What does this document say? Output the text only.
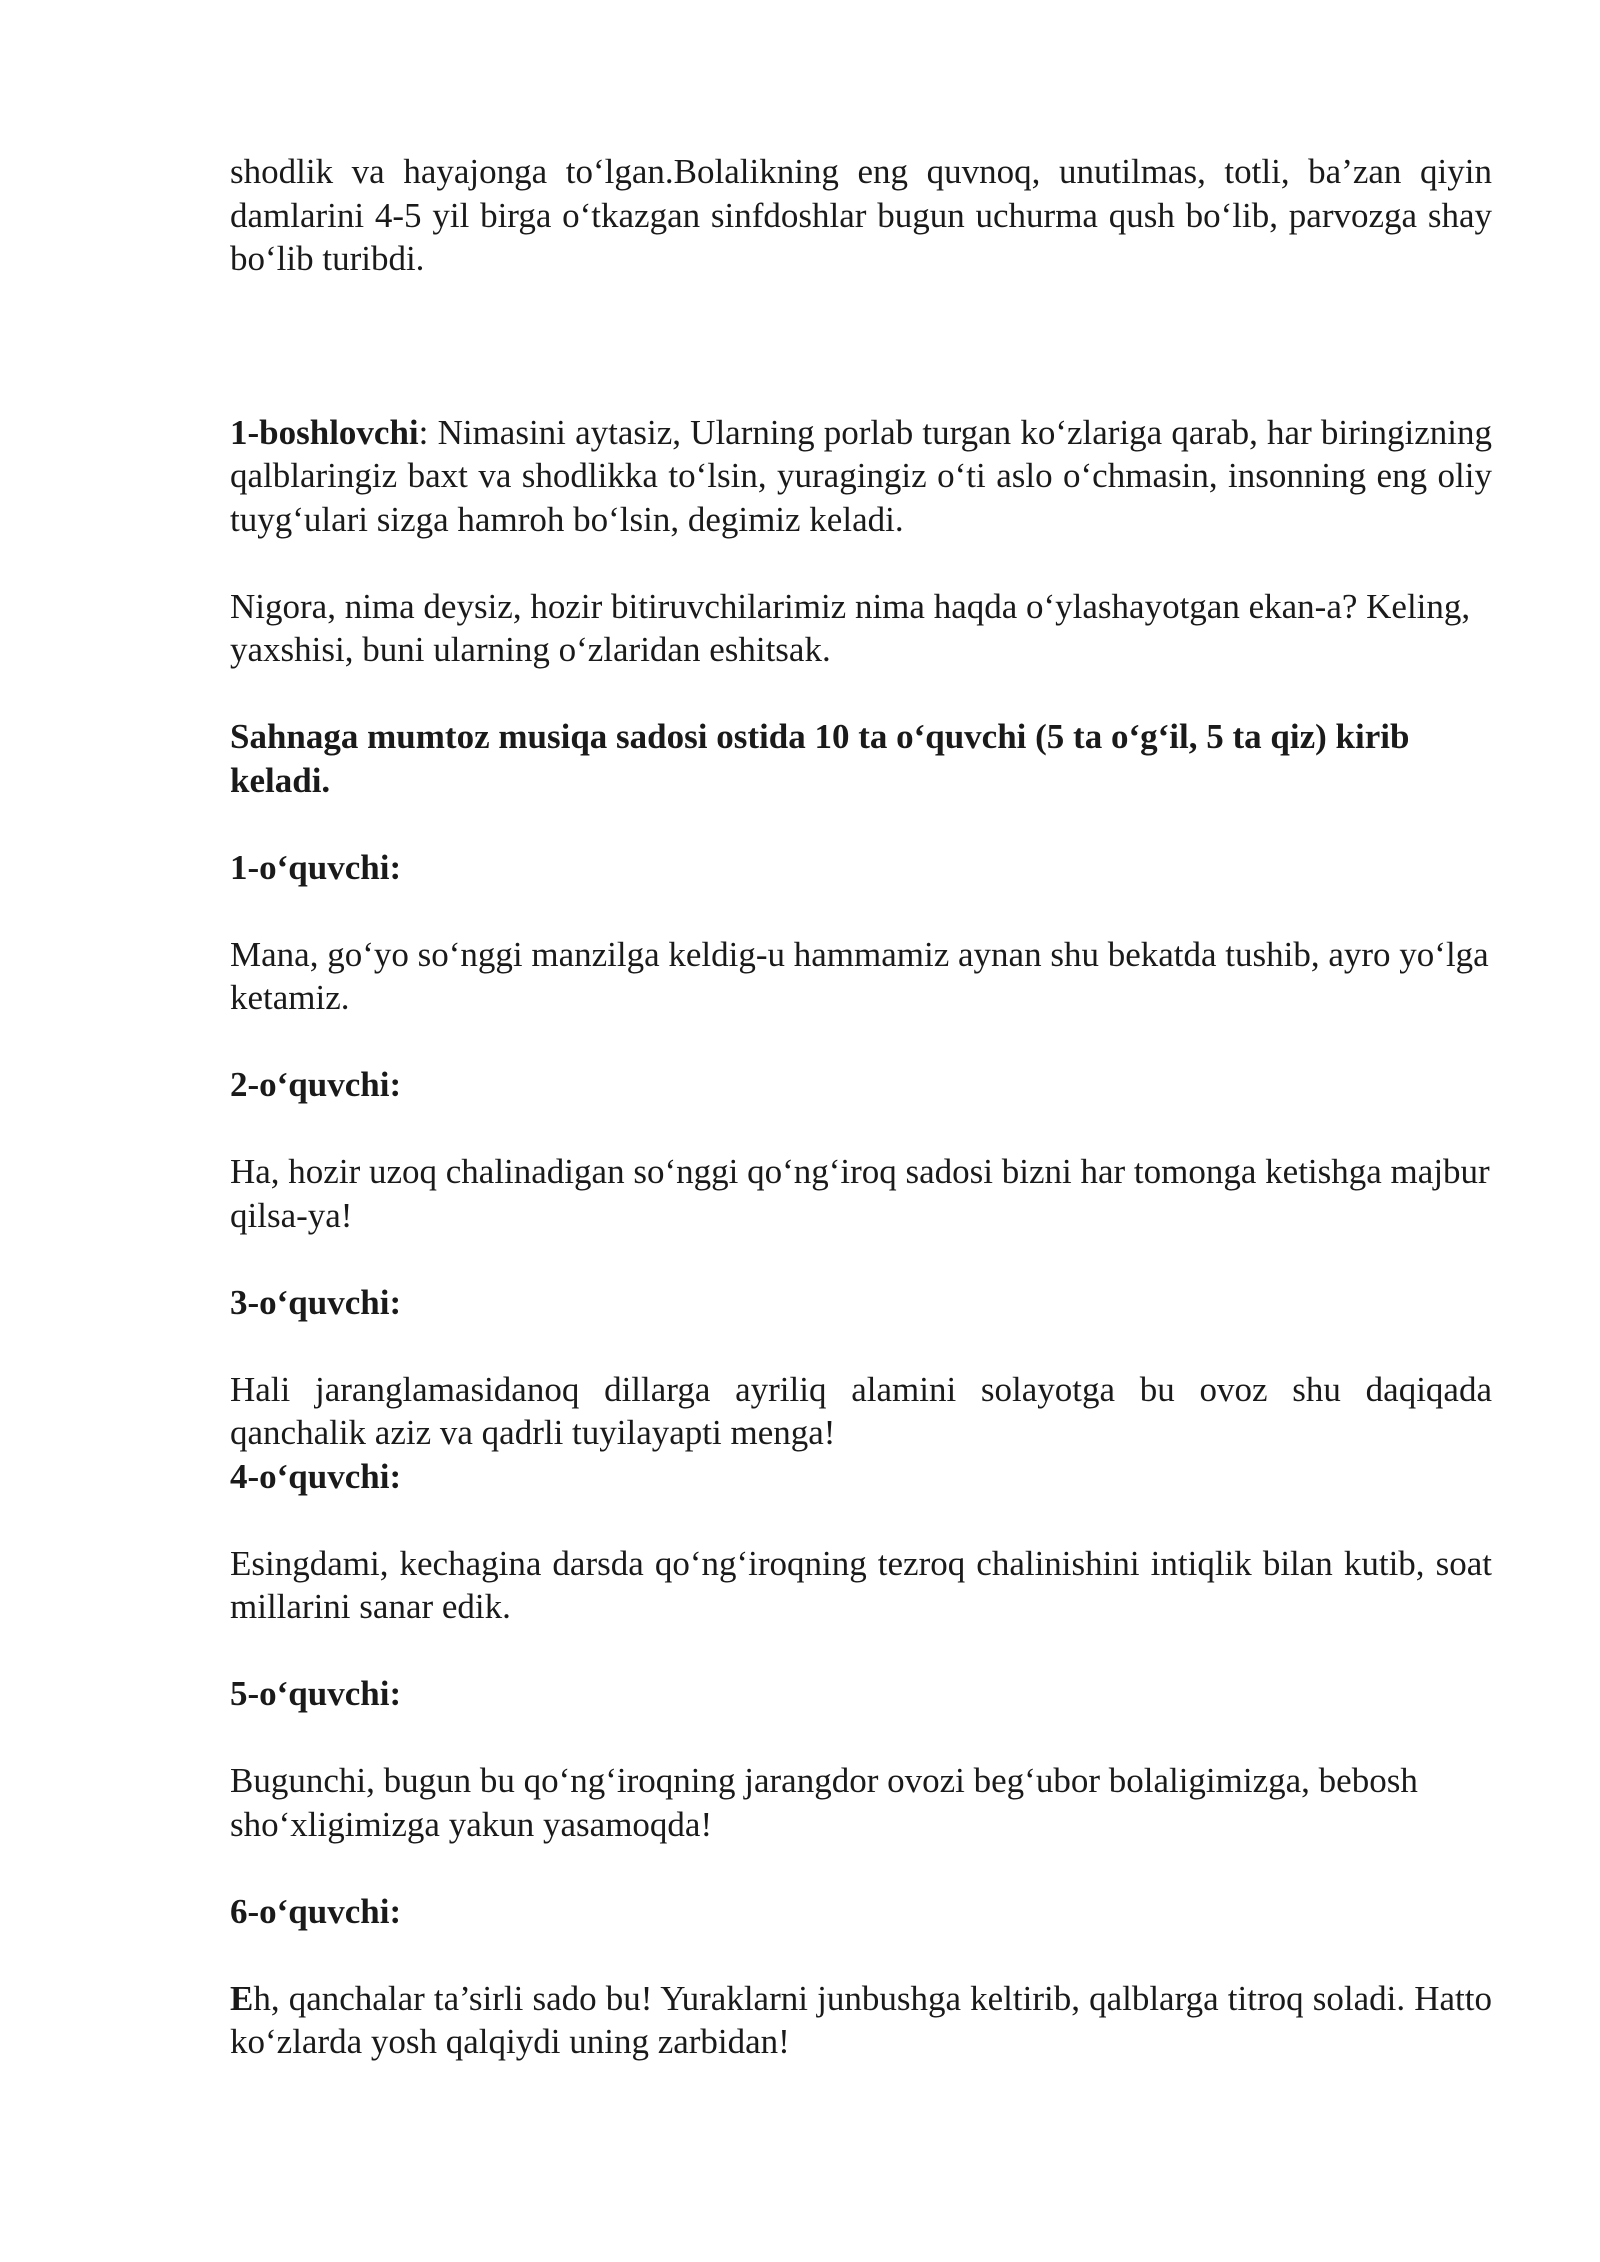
shodlik va hayajonga to‘lgan.Bolalikning eng quvnoq, unutilmas, totli, ba’zan qiyin damlarini 4-5 yil birga o‘tkazgan sinfdoshlar bugun uchurma qush bo‘lib, parvozga shay bo‘lib turibdi.

1-boshlovchi: Nimasini aytasiz, Ularning porlab turgan ko‘zlariga qarab, har biringizning qalblaringiz baxt va shodlikka to‘lsin, yuragingiz o‘ti aslo o‘chmasin, insonning eng oliy tuyg‘ulari sizga hamroh bo‘lsin, degimiz keladi.

Nigora, nima deysiz, hozir bitiruvchilarimiz nima haqda o‘ylashayotgan ekan-a? Keling, yaxshisi, buni ularning o‘zlaridan eshitsak.

Sahnaga mumtoz musiqa sadosi ostida 10 ta o‘quvchi (5 ta o‘g‘il, 5 ta qiz) kirib keladi.

1-o‘quvchi:

Mana, go‘yo so‘nggi manzilga keldig-u hammamiz aynan shu bekatda tushib, ayro yo‘lga ketamiz.

2-o‘quvchi:

Ha, hozir uzoq chalinadigan so‘nggi qo‘ng‘iroq sadosi bizni har tomonga ketishga majbur qilsa-ya!

3-o‘quvchi:

Hali jaranglamasidanoq dillarga ayriliq alamini solayotga bu ovoz shu daqiqada qanchalik aziz va qadrli tuyilayapti menga!

4-o‘quvchi:

Esingdami, kechagina darsda qo‘ng‘iroqning tezroq chalinishini intiqlik bilan kutib, soat millarini sanar edik.

5-o‘quvchi:

Bugunchi, bugun bu qo‘ng‘iroqning jarangdor ovozi beg‘ubor bolaligimizga, bebosh sho‘xligimizga yakun yasamoqda!

6-o‘quvchi:

Eh, qanchalar ta’sirli sado bu! Yuraklarni junbushga keltirib, qalblarga titroq soladi. Hatto ko‘zlarda yosh qalqiydi uning zarbidan!
